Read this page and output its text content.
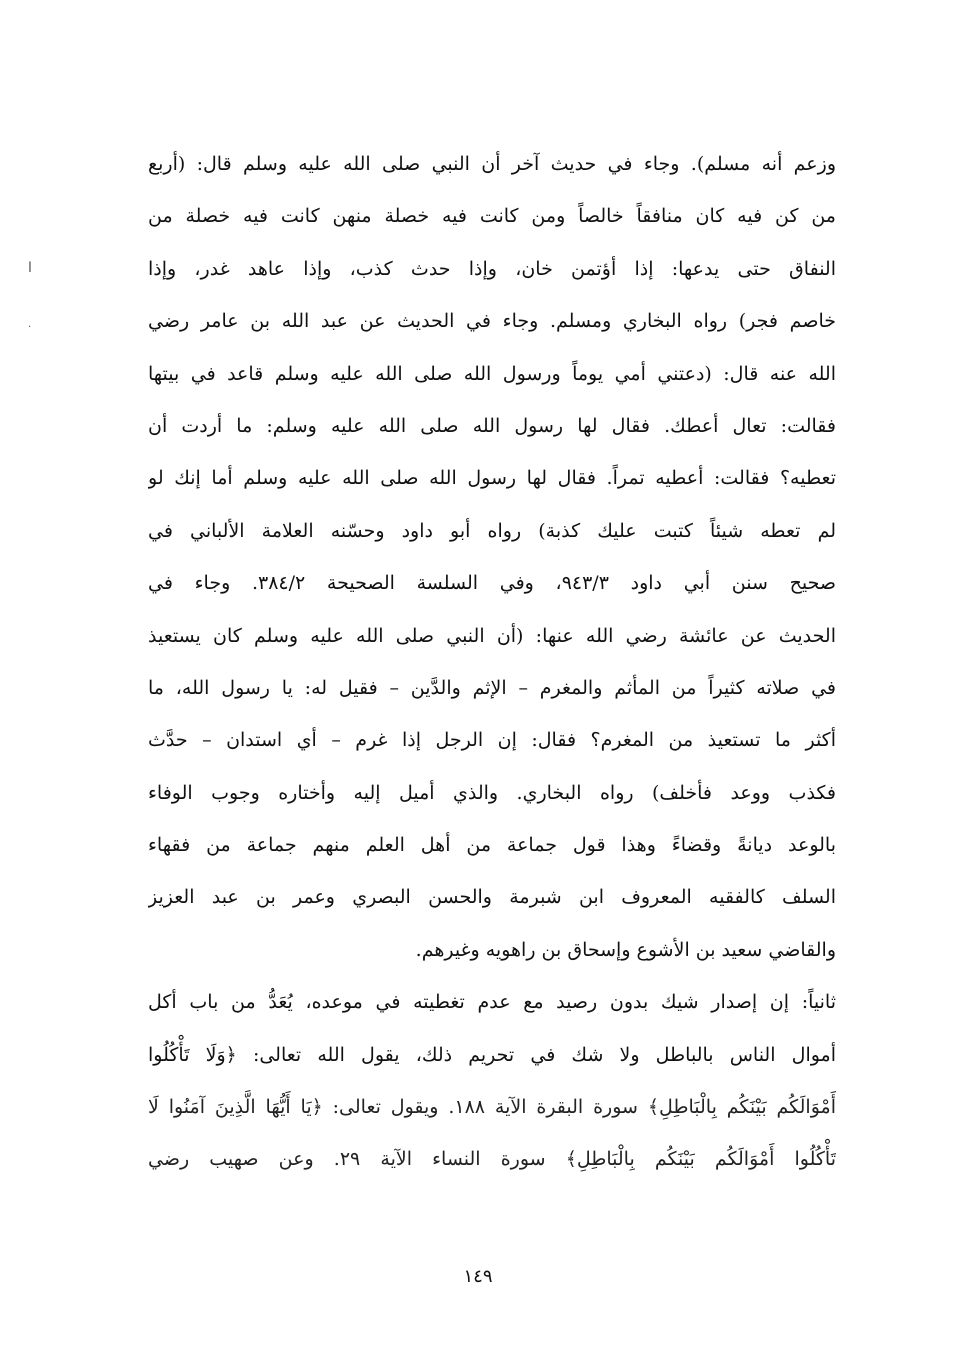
ا
.
وزعم أنه مسلم). وجاء في حديث آخر أن النبي صلى الله عليه وسلم قال: (أربع
من كن فيه كان منافقاً خالصاً ومن كانت فيه خصلة منهن كانت فيه خصلة من
النفاق حتى يدعها: إذا أؤتمن خان، وإذا حدث كذب، وإذا عاهد غدر، وإذا
خاصم فجر) رواه البخاري ومسلم. وجاء في الحديث عن عبد الله بن عامر رضي
الله عنه قال: (دعتني أمي يوماً ورسول الله صلى الله عليه وسلم قاعد في بيتها
فقالت: تعال أعطك. فقال لها رسول الله صلى الله عليه وسلم: ما أردت أن
تعطيه؟ فقالت: أعطيه تمراً. فقال لها رسول الله صلى الله عليه وسلم أما إنك لو
لم تعطه شيئاً كتبت عليك كذبة) رواه أبو داود وحسّنه العلامة الألباني في
صحيح سنن أبي داود ٩٤٣/٣، وفي السلسة الصحيحة ٣٨٤/٢. وجاء في
الحديث عن عائشة رضي الله عنها: (أن النبي صلى الله عليه وسلم كان يستعيذ
في صلاته كثيراً من المأثم والمغرم – الإثم والدَّين – فقيل له: يا رسول الله، ما
أكثر ما تستعيذ من المغرم؟ فقال: إن الرجل إذا غرم – أي استدان – حدَّث
فكذب ووعد فأخلف) رواه البخاري. والذي أميل إليه وأختاره وجوب الوفاء
بالوعد ديانةً وقضاءً وهذا قول جماعة من أهل العلم منهم جماعة من فقهاء
السلف كالفقيه المعروف ابن شبرمة والحسن البصري وعمر بن عبد العزيز
والقاضي سعيد بن الأشوع وإسحاق بن راهويه وغيرهم.
ثانياً: إن إصدار شيك بدون رصيد مع عدم تغطيته في موعده، يُعَدُّ من باب أكل
أموال الناس بالباطل ولا شك في تحريم ذلك، يقول الله تعالى: ﴿وَلَا تَأْكُلُوا
أَمْوَالَكُم بَيْنَكُم بِالْبَاطِلِ﴾ سورة البقرة الآية ١٨٨. ويقول تعالى: ﴿يَا أَيُّهَا الَّذِينَ آمَنُوا لَا
تَأْكُلُوا أَمْوَالَكُم بَيْنَكُم بِالْبَاطِلِ﴾ سورة النساء الآية ٢٩. وعن صهيب رضي
١٤٩
